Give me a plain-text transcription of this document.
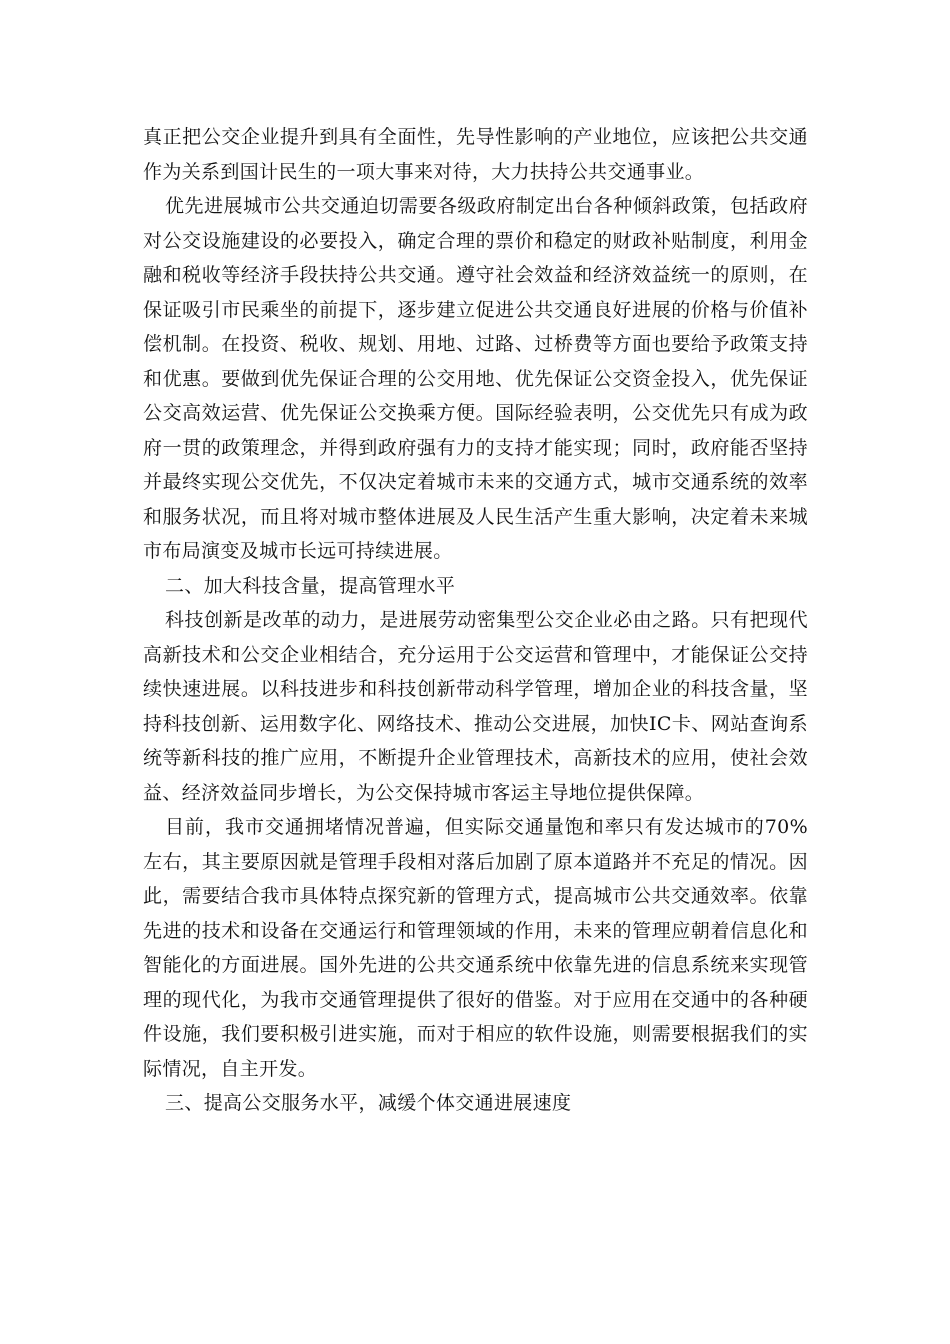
真正把公交企业提升到具有全面性，先导性影响的产业地位，应该把公共交通作为关系到国计民生的一项大事来对待，大力扶持公共交通事业。

优先进展城市公共交通迫切需要各级政府制定出台各种倾斜政策，包括政府对公交设施建设的必要投入，确定合理的票价和稳定的财政补贴制度，利用金融和税收等经济手段扶持公共交通。遵守社会效益和经济效益统一的原则，在保证吸引市民乘坐的前提下，逐步建立促进公共交通良好进展的价格与价值补偿机制。在投资、税收、规划、用地、过路、过桥费等方面也要给予政策支持和优惠。要做到优先保证合理的公交用地、优先保证公交资金投入，优先保证公交高效运营、优先保证公交换乘方便。国际经验表明，公交优先只有成为政府一贯的政策理念，并得到政府强有力的支持才能实现；同时，政府能否坚持并最终实现公交优先，不仅决定着城市未来的交通方式，城市交通系统的效率和服务状况，而且将对城市整体进展及人民生活产生重大影响，决定着未来城市布局演变及城市长远可持续进展。

二、加大科技含量，提高管理水平

科技创新是改革的动力，是进展劳动密集型公交企业必由之路。只有把现代高新技术和公交企业相结合，充分运用于公交运营和管理中，才能保证公交持续快速进展。以科技进步和科技创新带动科学管理，增加企业的科技含量，坚持科技创新、运用数字化、网络技术、推动公交进展，加快IC卡、网站查询系统等新科技的推广应用，不断提升企业管理技术，高新技术的应用，使社会效益、经济效益同步增长，为公交保持城市客运主导地位提供保障。

目前，我市交通拥堵情况普遍，但实际交通量饱和率只有发达城市的70%左右，其主要原因就是管理手段相对落后加剧了原本道路并不充足的情况。因此，需要结合我市具体特点探究新的管理方式，提高城市公共交通效率。依靠先进的技术和设备在交通运行和管理领域的作用，未来的管理应朝着信息化和智能化的方面进展。国外先进的公共交通系统中依靠先进的信息系统来实现管理的现代化，为我市交通管理提供了很好的借鉴。对于应用在交通中的各种硬件设施，我们要积极引进实施，而对于相应的软件设施，则需要根据我们的实际情况，自主开发。

三、提高公交服务水平，减缓个体交通进展速度
